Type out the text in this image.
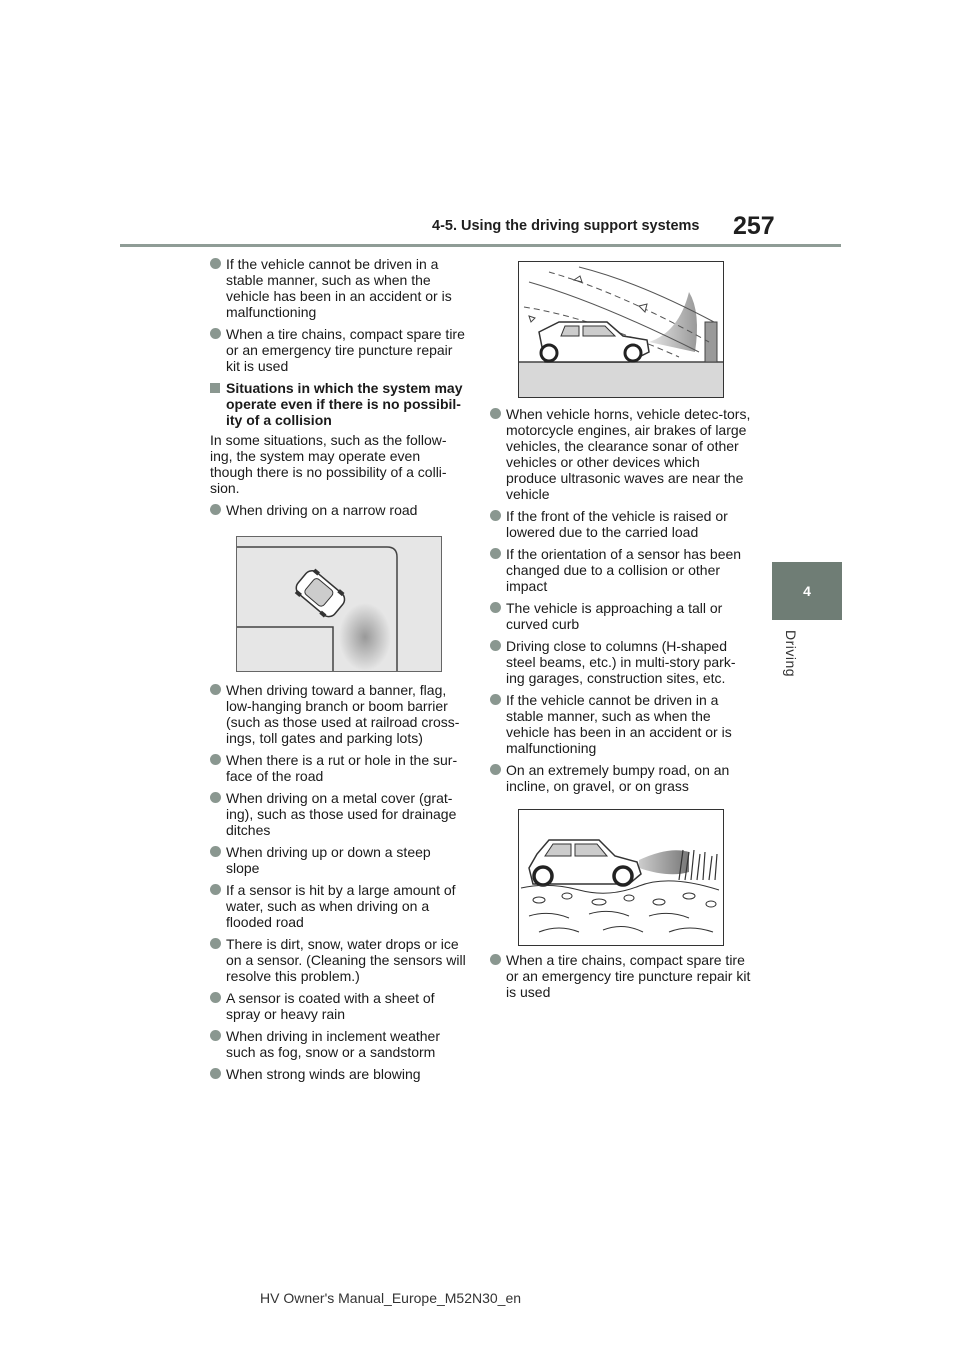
4-5. Using the driving support systems 257
4
Driving
If the vehicle cannot be driven in a stable manner, such as when the vehicle has been in an accident or is malfunctioning
When a tire chains, compact spare tire or an emergency tire puncture repair kit is used
Situations in which the system may operate even if there is no possibil-ity of a collision

In some situations, such as the follow-ing, the system may operate even though there is no possibility of a colli-sion.

When driving on a narrow road
When driving toward a banner, flag, low-hanging branch or boom barrier (such as those used at railroad cross-ings, toll gates and parking lots)
When there is a rut or hole in the sur-face of the road
When driving on a metal cover (grat-ing), such as those used for drainage ditches
When driving up or down a steep slope
If a sensor is hit by a large amount of water, such as when driving on a flooded road
There is dirt, snow, water drops or ice on a sensor. (Cleaning the sensors will resolve this problem.)
A sensor is coated with a sheet of spray or heavy rain
When driving in inclement weather such as fog, snow or a sandstorm
When strong winds are blowing
When vehicle horns, vehicle detec-tors, motorcycle engines, air brakes of large vehicles, the clearance sonar of other vehicles or other devices which produce ultrasonic waves are near the vehicle
If the front of the vehicle is raised or lowered due to the carried load
If the orientation of a sensor has been changed due to a collision or other impact
The vehicle is approaching a tall or curved curb
Driving close to columns (H-shaped steel beams, etc.) in multi-story park-ing garages, construction sites, etc.
If the vehicle cannot be driven in a stable manner, such as when the vehicle has been in an accident or is malfunctioning
On an extremely bumpy road, on an incline, on gravel, or on grass
When a tire chains, compact spare tire or an emergency tire puncture repair kit is used
HV Owner's Manual_Europe_M52N30_en
